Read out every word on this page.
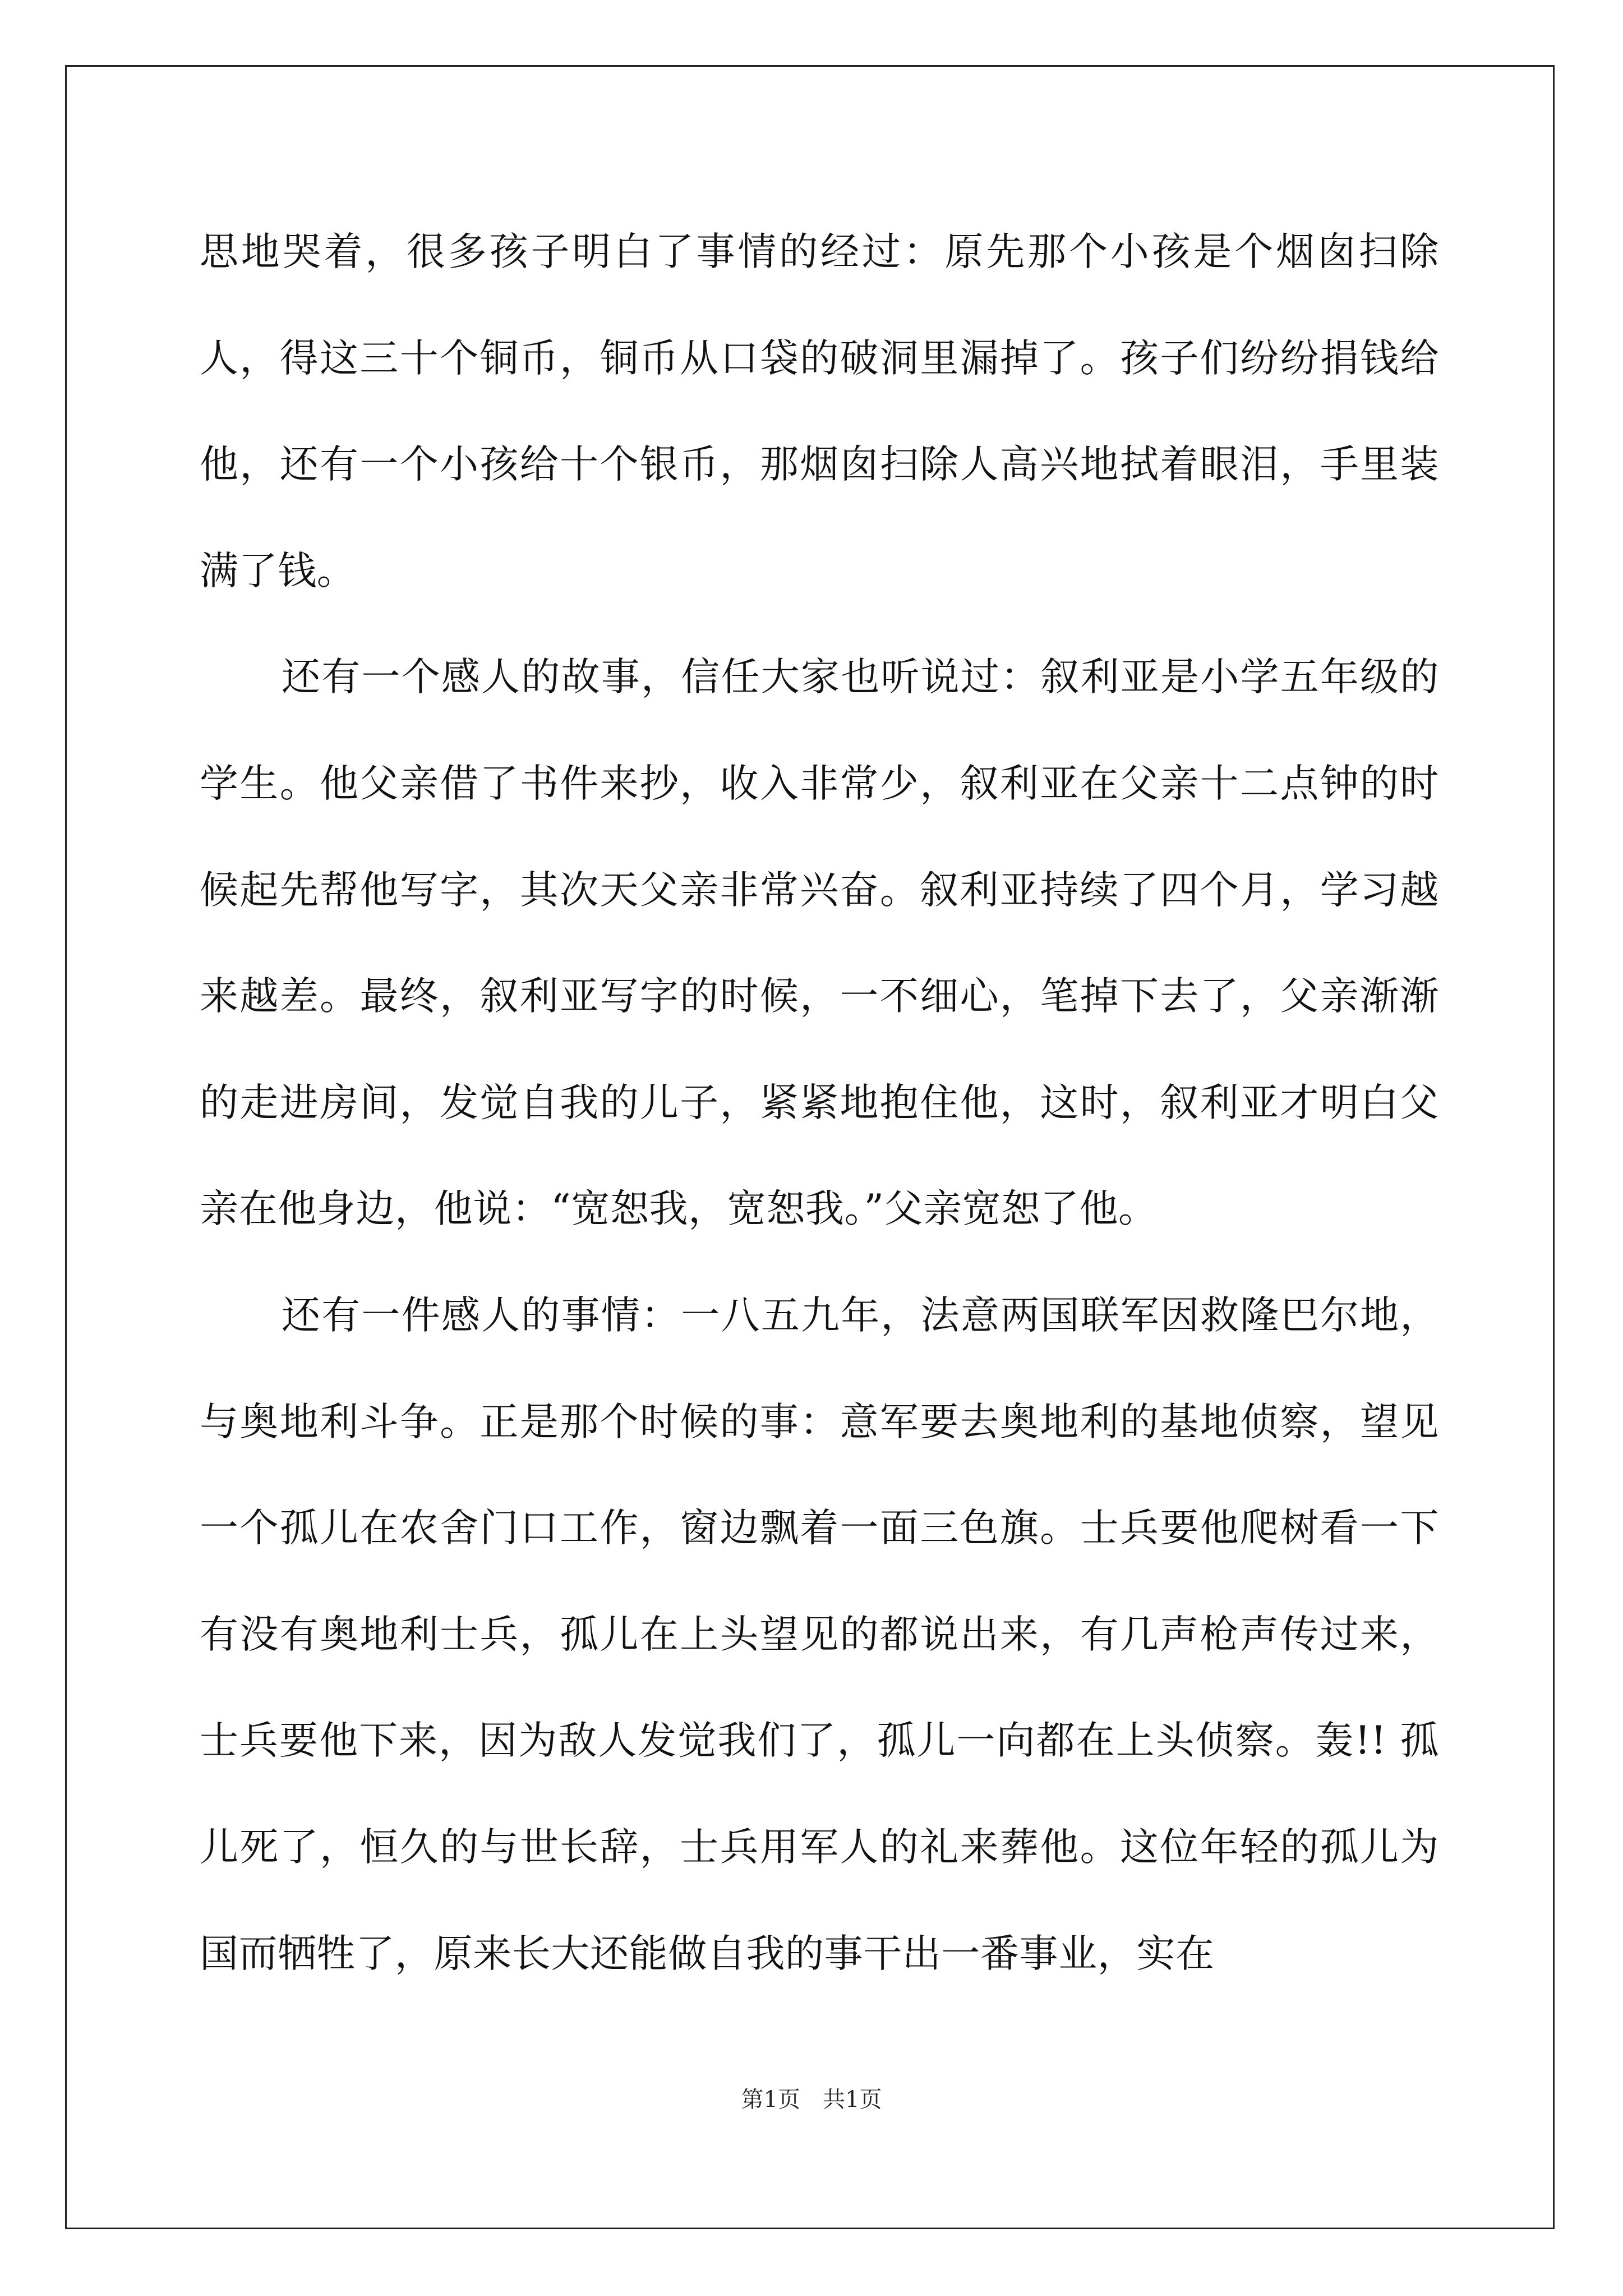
思地哭着，很多孩子明白了事情的经过：原先那个小孩是个烟囱扫除人，得这三十个铜币，铜币从口袋的破洞里漏掉了。孩子们纷纷捐钱给他，还有一个小孩给十个银币，那烟囱扫除人高兴地拭着眼泪，手里装满了钱。

还有一个感人的故事，信任大家也听说过：叙利亚是小学五年级的学生。他父亲借了书件来抄，收入非常少，叙利亚在父亲十二点钟的时候起先帮他写字，其次天父亲非常兴奋。叙利亚持续了四个月，学习越来越差。最终，叙利亚写字的时候，一不细心，笔掉下去了，父亲渐渐的走进房间，发觉自我的儿子，紧紧地抱住他，这时，叙利亚才明白父亲在他身边，他说：“宽恕我，宽恕我。”父亲宽恕了他。

还有一件感人的事情：一八五九年，法意两国联军因救隆巴尔地，与奥地利斗争。正是那个时候的事：意军要去奥地利的基地侦察，望见一个孤儿在农舍门口工作，窗边飘着一面三色旗。士兵要他爬树看一下有没有奥地利士兵，孤儿在上头望见的都说出来，有几声枪声传过来，士兵要他下来，因为敌人发觉我们了，孤儿一向都在上头侦察。轰!! 孤儿死了，恒久的与世长辞，士兵用军人的礼来葬他。这位年轻的孤儿为国而牺牲了，原来长大还能做自我的事干出一番事业，实在

第1页　共1页
